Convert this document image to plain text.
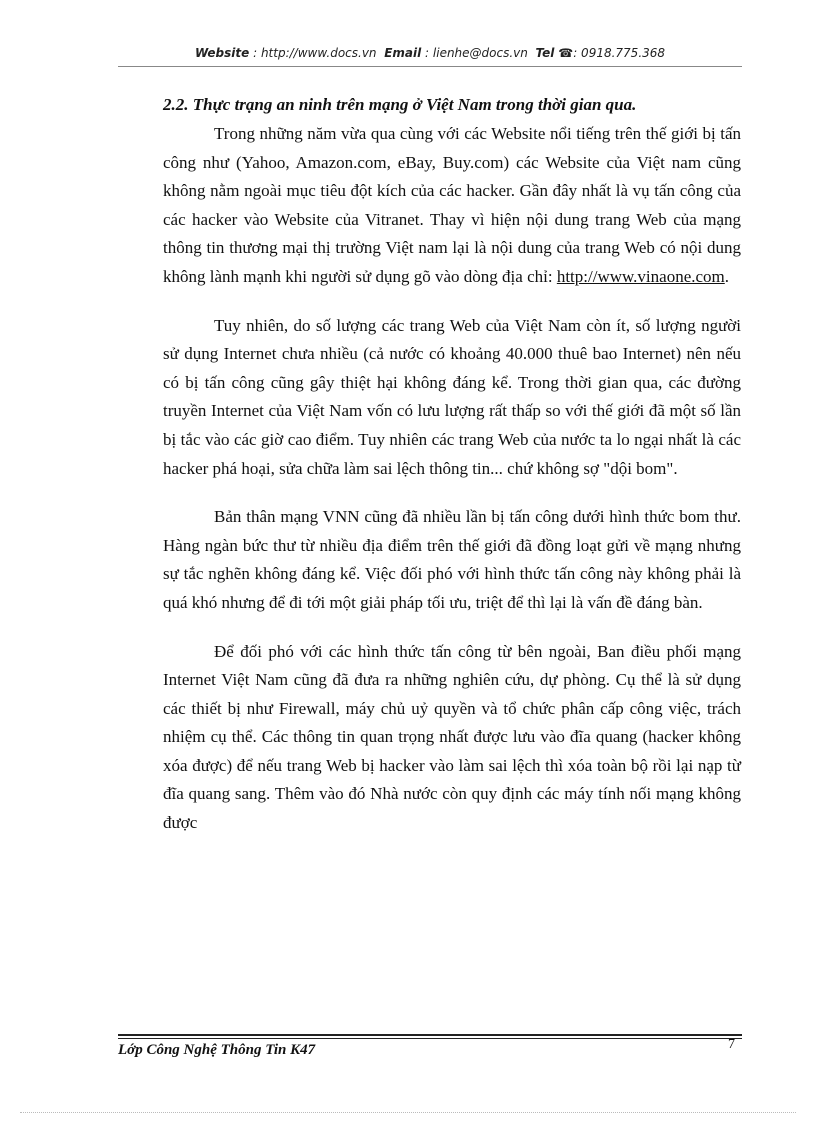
Website : http://www.docs.vn Email : lienhe@docs.vn Tel ☎: 0918.775.368
2.2. Thực trạng an ninh trên mạng ở Việt Nam trong thời gian qua.

Trong những năm vừa qua cùng với các Website nổi tiếng trên thế giới bị tấn công như (Yahoo, Amazon.com, eBay, Buy.com) các Website của Việt nam cũng không nằm ngoài mục tiêu đột kích của các hacker. Gần đây nhất là vụ tấn công của các hacker vào Website của Vitranet. Thay vì hiện nội dung trang Web của mạng thông tin thương mại thị trường Việt nam lại là nội dung của trang Web có nội dung không lành mạnh khi người sử dụng gõ vào dòng địa chỉ: http://www.vinaone.com.

Tuy nhiên, do số lượng các trang Web của Việt Nam còn ít, số lượng người sử dụng Internet chưa nhiều (cả nước có khoảng 40.000 thuê bao Internet) nên nếu có bị tấn công cũng gây thiệt hại không đáng kể. Trong thời gian qua, các đường truyền Internet của Việt Nam vốn có lưu lượng rất thấp so với thế giới đã một số lần bị tắc vào các giờ cao điểm. Tuy nhiên các trang Web của nước ta lo ngại nhất là các hacker phá hoại, sửa chữa làm sai lệch thông tin... chứ không sợ "dội bom".

Bản thân mạng VNN cũng đã nhiều lần bị tấn công dưới hình thức bom thư. Hàng ngàn bức thư từ nhiều địa điểm trên thế giới đã đồng loạt gửi về mạng nhưng sự tắc nghẽn không đáng kể. Việc đối phó với hình thức tấn công này không phải là quá khó nhưng để đi tới một giải pháp tối ưu, triệt để thì lại là vấn đề đáng bàn.

Để đối phó với các hình thức tấn công từ bên ngoài, Ban điều phối mạng Internet Việt Nam cũng đã đưa ra những nghiên cứu, dự phòng. Cụ thể là sử dụng các thiết bị như Firewall, máy chủ uỷ quyền và tổ chức phân cấp công việc, trách nhiệm cụ thể. Các thông tin quan trọng nhất được lưu vào đĩa quang (hacker không xóa được) để nếu trang Web bị hacker vào làm sai lệch thì xóa toàn bộ rồi lại nạp từ đĩa quang sang. Thêm vào đó Nhà nước còn quy định các máy tính nối mạng không được

Lớp Công Nghệ Thông Tin K47	7
